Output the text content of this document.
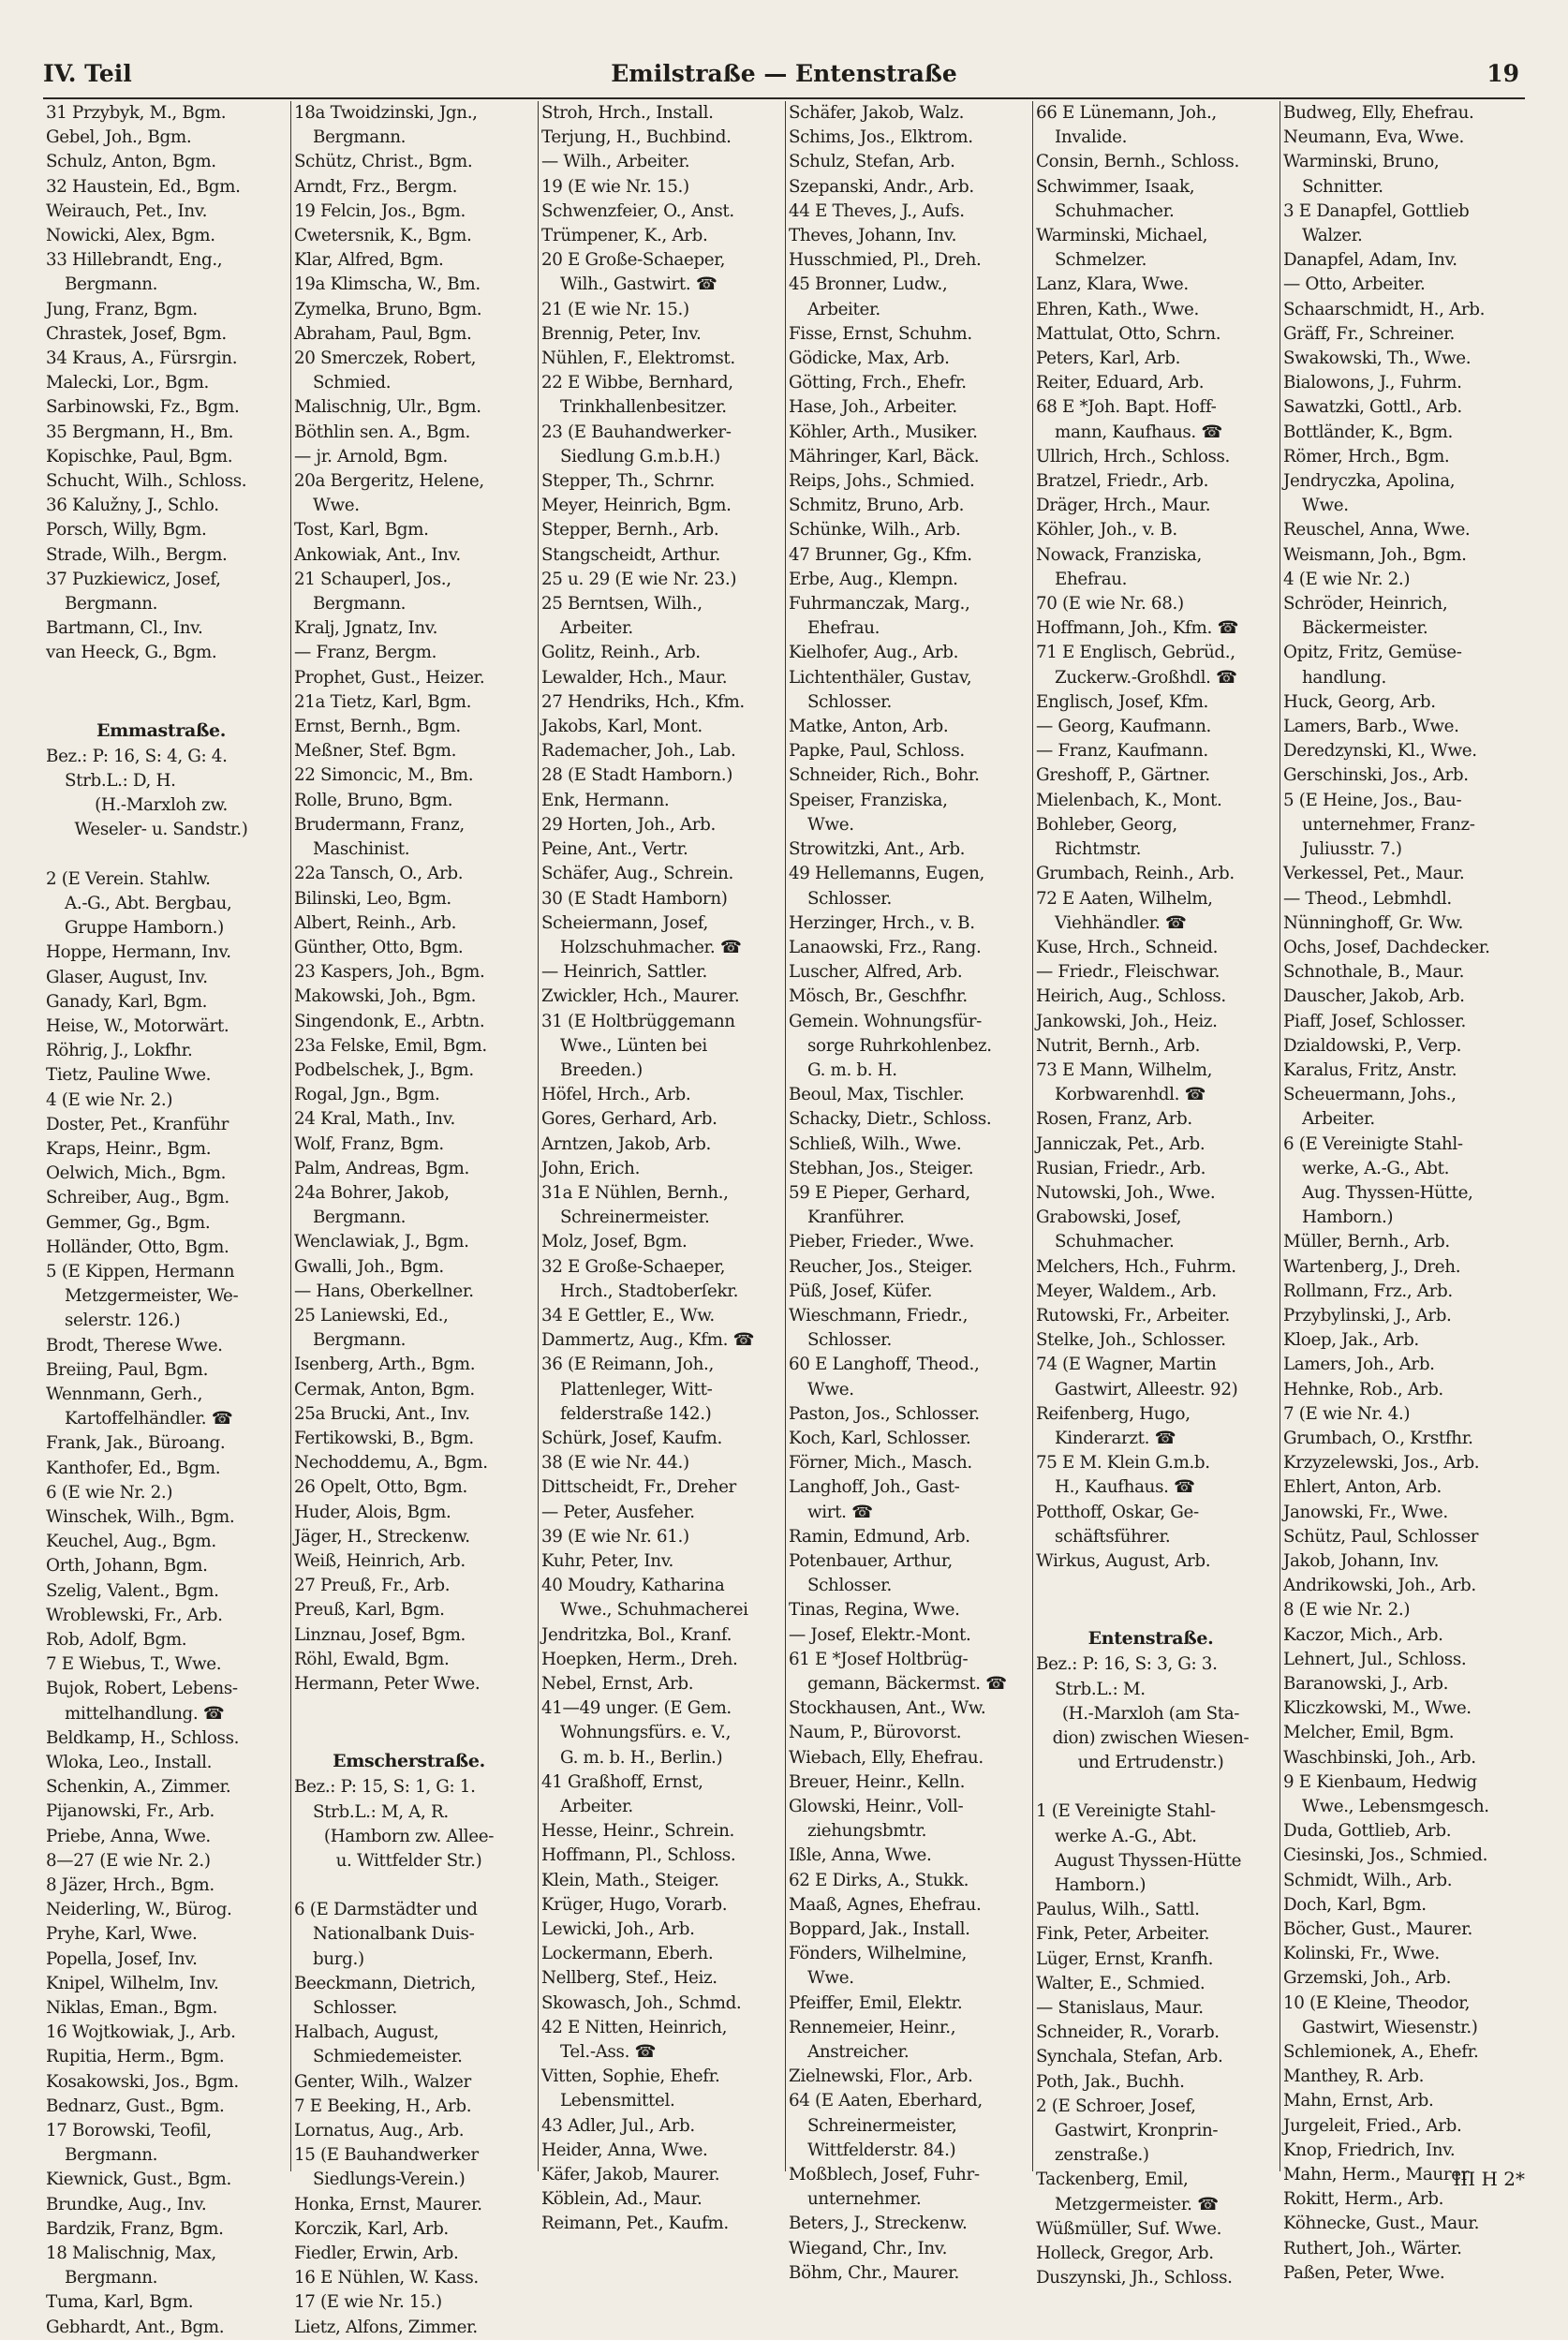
IV. Teil	Emilstraße — Entenstraße	19
31 Przybyk, M., Bgm.
Gebel, Joh., Bgm.
Schulz, Anton, Bgm.
32 Haustein, Ed., Bgm.
Weirauch, Pet., Inv.
Nowicki, Alex, Bgm.
33 Hillebrandt, Eng.,
Bergmann.
Jung, Franz, Bgm.
Chrastek, Josef, Bgm.
34 Kraus, A., Fürsrgin.
Malecki, Lor., Bgm.
Sarbinowski, Fz., Bgm.
35 Bergmann, H., Bm.
Kopischke, Paul, Bgm.
Schucht, Wilh., Schloss.
36 Kalužny, J., Schlo.
Porsch, Willy, Bgm.
Strade, Wilh., Bergm.
37 Puzkiewicz, Josef,
Bergmann.
Bartmann, Cl., Inv.
van Heeck, G., Bgm.
Emmastraße.
Bez.: P: 16, S: 4, G: 4.
Strb.L.: D, H.
(H.-Marxloh zw.
Weseler- u. Sandstr.)
2 (E Verein. Stahlw.
A.-G., Abt. Bergbau,
Gruppe Hamborn.)
Hoppe, Hermann, Inv.
Glaser, August, Inv.
Ganady, Karl, Bgm.
Heise, W., Motorwärt.
Röhrig, J., Lokfhr.
Tietz, Pauline Wwe.
4 (E wie Nr. 2.)
Doster, Pet., Kranführ
Kraps, Heinr., Bgm.
Oelwich, Mich., Bgm.
Schreiber, Aug., Bgm.
Gemmer, Gg., Bgm.
Holländer, Otto, Bgm.
5 (E Kippen, Hermann
Metzgermeister, We-
selerstr. 126.)
Brodt, Therese Wwe.
Breiing, Paul, Bgm.
Wennmann, Gerh.,
Kartoffelhändler. ☎
Frank, Jak., Büroang.
Kanthofer, Ed., Bgm.
6 (E wie Nr. 2.)
Winschek, Wilh., Bgm.
Keuchel, Aug., Bgm.
Orth, Johann, Bgm.
Szelig, Valent., Bgm.
Wroblewski, Fr., Arb.
Rob, Adolf, Bgm.
7 E Wiebus, T., Wwe.
Bujok, Robert, Lebens-
mittelhandlung. ☎
Beldkamp, H., Schloss.
Wloka, Leo., Install.
Schenkin, A., Zimmer.
Pijanowski, Fr., Arb.
Priebe, Anna, Wwe.
8—27 (E wie Nr. 2.)
8 Jäzer, Hrch., Bgm.
Neiderling, W., Bürog.
Pryhe, Karl, Wwe.
Popella, Josef, Inv.
Knipel, Wilhelm, Inv.
Niklas, Eman., Bgm.
16 Wojtkowiak, J., Arb.
Rupitia, Herm., Bgm.
Kosakowski, Jos., Bgm.
Bednarz, Gust., Bgm.
17 Borowski, Teofil,
Bergmann.
Kiewnick, Gust., Bgm.
Brundke, Aug., Inv.
Bardzik, Franz, Bgm.
18 Malischnig, Max,
Bergmann.
Tuma, Karl, Bgm.
Gebhardt, Ant., Bgm.
18a Twoidzinski, Jgn.,
Bergmann.
Schütz, Christ., Bgm.
Arndt, Frz., Bergm.
19 Felcin, Jos., Bgm.
Cwetersnik, K., Bgm.
Klar, Alfred, Bgm.
19a Klimscha, W., Bm.
Zymelka, Bruno, Bgm.
Abraham, Paul, Bgm.
20 Smerczek, Robert,
Schmied.
Malischnig, Ulr., Bgm.
Böthlin sen. A., Bgm.
— jr. Arnold, Bgm.
20a Bergeritz, Helene,
Wwe.
Tost, Karl, Bgm.
Ankowiak, Ant., Inv.
21 Schauperl, Jos.,
Bergmann.
Kralj, Jgnatz, Inv.
— Franz, Bergm.
Prophet, Gust., Heizer.
21a Tietz, Karl, Bgm.
Ernst, Bernh., Bgm.
Meßner, Stef. Bgm.
22 Simoncic, M., Bm.
Rolle, Bruno, Bgm.
Brudermann, Franz,
Maschinist.
22a Tansch, O., Arb.
Bilinski, Leo, Bgm.
Albert, Reinh., Arb.
Günther, Otto, Bgm.
23 Kaspers, Joh., Bgm.
Makowski, Joh., Bgm.
Singendonk, E., Arbtn.
23a Felske, Emil, Bgm.
Podbelschek, J., Bgm.
Rogal, Jgn., Bgm.
24 Kral, Math., Inv.
Wolf, Franz, Bgm.
Palm, Andreas, Bgm.
24a Bohrer, Jakob,
Bergmann.
Wenclawiak, J., Bgm.
Gwalli, Joh., Bgm.
— Hans, Oberkellner.
25 Laniewski, Ed.,
Bergmann.
Isenberg, Arth., Bgm.
Cermak, Anton, Bgm.
25a Brucki, Ant., Inv.
Fertikowski, B., Bgm.
Nechoddemu, A., Bgm.
26 Opelt, Otto, Bgm.
Huder, Alois, Bgm.
Jäger, H., Streckenw.
Weiß, Heinrich, Arb.
27 Preuß, Fr., Arb.
Preuß, Karl, Bgm.
Linznau, Josef, Bgm.
Röhl, Ewald, Bgm.
Hermann, Peter Wwe.
Emscherstraße.
Bez.: P: 15, S: 1, G: 1.
Strb.L.: M, A, R.
(Hamborn zw. Allee-
u. Wittfelder Str.)
6 (E Darmstädter und
Nationalbank Duis-
burg.)
Beeckmann, Dietrich,
Schlosser.
Halbach, August,
Schmiedemeister.
Genter, Wilh., Walzer
7 E Beeking, H., Arb.
Lornatus, Aug., Arb.
15 (E Bauhandwerker
Siedlungs-Verein.)
Honka, Ernst, Maurer.
Korczik, Karl, Arb.
Fiedler, Erwin, Arb.
16 E Nühlen, W. Kass.
17 (E wie Nr. 15.)
Lietz, Alfons, Zimmer.
Stroh, Hrch., Install.
Terjung, H., Buchbind.
— Wilh., Arbeiter.
19 (E wie Nr. 15.)
Schwenzfeier, O., Anst.
Trümpener, K., Arb.
20 E Große-Schaeper,
Wilh., Gastwirt. ☎
21 (E wie Nr. 15.)
Brennig, Peter, Inv.
Nühlen, F., Elektromst.
22 E Wibbe, Bernhard,
Trinkhallenbesitzer.
23 (E Bauhandwerker-
Siedlung G.m.b.H.)
Stepper, Th., Schrnr.
Meyer, Heinrich, Bgm.
Stepper, Bernh., Arb.
Stangscheidt, Arthur.
25 u. 29 (E wie Nr. 23.)
25 Berntsen, Wilh.,
Arbeiter.
Golitz, Reinh., Arb.
Lewalder, Hch., Maur.
27 Hendriks, Hch., Kfm.
Jakobs, Karl, Mont.
Rademacher, Joh., Lab.
28 (E Stadt Hamborn.)
Enk, Hermann.
29 Horten, Joh., Arb.
Peine, Ant., Vertr.
Schäfer, Aug., Schrein.
30 (E Stadt Hamborn)
Scheiermann, Josef,
Holzschuhmacher. ☎
— Heinrich, Sattler.
Zwickler, Hch., Maurer.
31 (E Holtbrüggemann
Wwe., Lünten bei
Breeden.)
Höfel, Hrch., Arb.
Gores, Gerhard, Arb.
Arntzen, Jakob, Arb.
John, Erich.
31a E Nühlen, Bernh.,
Schreinermeister.
Molz, Josef, Bgm.
32 E Große-Schaeper,
Hrch., Stadtoberſekr.
34 E Gettler, E., Ww.
Dammertz, Aug., Kfm. ☎
36 (E Reimann, Joh.,
Plattenleger, Witt-
felderstraße 142.)
Schürk, Josef, Kaufm.
38 (E wie Nr. 44.)
Dittscheidt, Fr., Dreher
— Peter, Ausfeher.
39 (E wie Nr. 61.)
Kuhr, Peter, Inv.
40 Moudry, Katharina
Wwe., Schuhmacherei
Jendritzka, Bol., Kranf.
Hoepken, Herm., Dreh.
Nebel, Ernst, Arb.
41—49 unger. (E Gem.
Wohnungsfürs. e. V.,
G. m. b. H., Berlin.)
41 Graßhoff, Ernst,
Arbeiter.
Hesse, Heinr., Schrein.
Hoffmann, Pl., Schloss.
Klein, Math., Steiger.
Krüger, Hugo, Vorarb.
Lewicki, Joh., Arb.
Lockermann, Eberh.
Nellberg, Stef., Heiz.
Skowasch, Joh., Schmd.
42 E Nitten, Heinrich,
Tel.-Ass. ☎
Vitten, Sophie, Ehefr.
Lebensmittel.
43 Adler, Jul., Arb.
Heider, Anna, Wwe.
Käfer, Jakob, Maurer.
Köblein, Ad., Maur.
Reimann, Pet., Kaufm.
Schäfer, Jakob, Walz.
Schims, Jos., Elktrom.
Schulz, Stefan, Arb.
Szepanski, Andr., Arb.
44 E Theves, J., Aufs.
Theves, Johann, Inv.
Husschmied, Pl., Dreh.
45 Bronner, Ludw.,
Arbeiter.
Fisse, Ernst, Schuhm.
Gödicke, Max, Arb.
Götting, Frch., Ehefr.
Hase, Joh., Arbeiter.
Köhler, Arth., Musiker.
Mähringer, Karl, Bäck.
Reips, Johs., Schmied.
Schmitz, Bruno, Arb.
Schünke, Wilh., Arb.
47 Brunner, Gg., Kfm.
Erbe, Aug., Klempn.
Fuhrmanczak, Marg.,
Ehefrau.
Kielhofer, Aug., Arb.
Lichtenthäler, Gustav,
Schlosser.
Matke, Anton, Arb.
Papke, Paul, Schloss.
Schneider, Rich., Bohr.
Speiser, Franziska,
Wwe.
Strowitzki, Ant., Arb.
49 Hellemanns, Eugen,
Schlosser.
Herzinger, Hrch., v. B.
Lanaowski, Frz., Rang.
Luscher, Alfred, Arb.
Mösch, Br., Geschfhr.
Gemein. Wohnungsfür-
sorge Ruhrkohlenbez.
G. m. b. H.
Beoul, Max, Tischler.
Schacky, Dietr., Schloss.
Schließ, Wilh., Wwe.
Stebhan, Jos., Steiger.
59 E Pieper, Gerhard,
Kranführer.
Pieber, Frieder., Wwe.
Reucher, Jos., Steiger.
Püß, Josef, Küfer.
Wieschmann, Friedr.,
Schlosser.
60 E Langhoff, Theod.,
Wwe.
Paston, Jos., Schlosser.
Koch, Karl, Schlosser.
Förner, Mich., Masch.
Langhoff, Joh., Gast-
wirt. ☎
Ramin, Edmund, Arb.
Potenbauer, Arthur,
Schlosser.
Tinas, Regina, Wwe.
— Josef, Elektr.-Mont.
61 E *Josef Holtbrüg-
gemann, Bäckermst. ☎
Stockhausen, Ant., Ww.
Naum, P., Bürovorst.
Wiebach, Elly, Ehefrau.
Breuer, Heinr., Kelln.
Glowski, Heinr., Voll-
ziehungsbmtr.
Ißle, Anna, Wwe.
62 E Dirks, A., Stukk.
Maaß, Agnes, Ehefrau.
Boppard, Jak., Install.
Fönders, Wilhelmine,
Wwe.
Pfeiffer, Emil, Elektr.
Rennemeier, Heinr.,
Anstreicher.
Zielnewski, Flor., Arb.
64 (E Aaten, Eberhard,
Schreinermeister,
Wittfelderstr. 84.)
Moßblech, Josef, Fuhr-
unternehmer.
Beters, J., Streckenw.
Wiegand, Chr., Inv.
Böhm, Chr., Maurer.
66 E Lünemann, Joh.,
Invalide.
Consin, Bernh., Schloss.
Schwimmer, Isaak,
Schuhmacher.
Warminski, Michael,
Schmelzer.
Lanz, Klara, Wwe.
Ehren, Kath., Wwe.
Mattulat, Otto, Schrn.
Peters, Karl, Arb.
Reiter, Eduard, Arb.
68 E *Joh. Bapt. Hoff-
mann, Kaufhaus. ☎
Ullrich, Hrch., Schloss.
Bratzel, Friedr., Arb.
Dräger, Hrch., Maur.
Köhler, Joh., v. B.
Nowack, Franziska,
Ehefrau.
70 (E wie Nr. 68.)
Hoffmann, Joh., Kfm. ☎
71 E Englisch, Gebrüd.,
Zuckerw.-Großhdl. ☎
Englisch, Josef, Kfm.
— Georg, Kaufmann.
— Franz, Kaufmann.
Greshoff, P., Gärtner.
Mielenbach, K., Mont.
Bohleber, Georg,
Richtmstr.
Grumbach, Reinh., Arb.
72 E Aaten, Wilhelm,
Viehhändler. ☎
Kuse, Hrch., Schneid.
— Friedr., Fleischwar.
Heirich, Aug., Schloss.
Jankowski, Joh., Heiz.
Nutrit, Bernh., Arb.
73 E Mann, Wilhelm,
Korbwarenhdl. ☎
Rosen, Franz, Arb.
Janniczak, Pet., Arb.
Rusian, Friedr., Arb.
Nutowski, Joh., Wwe.
Grabowski, Josef,
Schuhmacher.
Melchers, Hch., Fuhrm.
Meyer, Waldem., Arb.
Rutowski, Fr., Arbeiter.
Stelke, Joh., Schlosser.
74 (E Wagner, Martin
Gastwirt, Alleestr. 92)
Reifenberg, Hugo,
Kinderarzt. ☎
75 E M. Klein G.m.b.
H., Kaufhaus. ☎
Potthoff, Oskar, Ge-
schäftsführer.
Wirkus, August, Arb.
Entenstraße.
Bez.: P: 16, S: 3, G: 3.
Strb.L.: M.
(H.-Marxloh (am Sta-
dion) zwischen Wiesen-
und Ertrudenstr.)
1 (E Vereinigte Stahl-
werke A.-G., Abt.
August Thyssen-Hütte
Hamborn.)
Paulus, Wilh., Sattl.
Fink, Peter, Arbeiter.
Lüger, Ernst, Kranfh.
Walter, E., Schmied.
— Stanislaus, Maur.
Schneider, R., Vorarb.
Synchala, Stefan, Arb.
Poth, Jak., Buchh.
2 (E Schroer, Josef,
Gastwirt, Kronprin-
zenstraße.)
Tackenberg, Emil,
Metzgermeister. ☎
Wüßmüller, Suf. Wwe.
Holleck, Gregor, Arb.
Duszynski, Jh., Schloss.
Budweg, Elly, Ehefrau.
Neumann, Eva, Wwe.
Warminski, Bruno,
Schnitter.
3 E Danapfel, Gottlieb
Walzer.
Danapfel, Adam, Inv.
— Otto, Arbeiter.
Schaarschmidt, H., Arb.
Gräff, Fr., Schreiner.
Swakowski, Th., Wwe.
Bialowons, J., Fuhrm.
Sawatzki, Gottl., Arb.
Bottländer, K., Bgm.
Römer, Hrch., Bgm.
Jendryczka, Apolina,
Wwe.
Reuschel, Anna, Wwe.
Weismann, Joh., Bgm.
4 (E wie Nr. 2.)
Schröder, Heinrich,
Bäckermeister.
Opitz, Fritz, Gemüse-
handlung.
Huck, Georg, Arb.
Lamers, Barb., Wwe.
Deredzynski, Kl., Wwe.
Gerschinski, Jos., Arb.
5 (E Heine, Jos., Bau-
unternehmer, Franz-
Juliusstr. 7.)
Verkessel, Pet., Maur.
— Theod., Lebmhdl.
Nünninghoff, Gr. Ww.
Ochs, Josef, Dachdecker.
Schnothale, B., Maur.
Dauscher, Jakob, Arb.
Piaff, Josef, Schlosser.
Dzialdowski, P., Verp.
Karalus, Fritz, Anstr.
Scheuermann, Johs.,
Arbeiter.
6 (E Vereinigte Stahl-
werke, A.-G., Abt.
Aug. Thyssen-Hütte,
Hamborn.)
Müller, Bernh., Arb.
Wartenberg, J., Dreh.
Rollmann, Frz., Arb.
Przybylinski, J., Arb.
Kloep, Jak., Arb.
Lamers, Joh., Arb.
Hehnke, Rob., Arb.
7 (E wie Nr. 4.)
Grumbach, O., Krstfhr.
Krzyzelewski, Jos., Arb.
Ehlert, Anton, Arb.
Janowski, Fr., Wwe.
Schütz, Paul, Schlosser
Jakob, Johann, Inv.
Andrikowski, Joh., Arb.
8 (E wie Nr. 2.)
Kaczor, Mich., Arb.
Lehnert, Jul., Schloss.
Baranowski, J., Arb.
Kliczkowski, M., Wwe.
Melcher, Emil, Bgm.
Waschbinski, Joh., Arb.
9 E Kienbaum, Hedwig
Wwe., Lebensmgesch.
Duda, Gottlieb, Arb.
Ciesinski, Jos., Schmied.
Schmidt, Wilh., Arb.
Doch, Karl, Bgm.
Böcher, Gust., Maurer.
Kolinski, Fr., Wwe.
Grzemski, Joh., Arb.
10 (E Kleine, Theodor,
Gastwirt, Wiesenstr.)
Schlemionek, A., Ehefr.
Manthey, R. Arb.
Mahn, Ernst, Arb.
Jurgeleit, Fried., Arb.
Knop, Friedrich, Inv.
Mahn, Herm., Maurer
Rokitt, Herm., Arb.
Köhnecke, Gust., Maur.
Ruthert, Joh., Wärter.
Paßen, Peter, Wwe.
III H 2*
